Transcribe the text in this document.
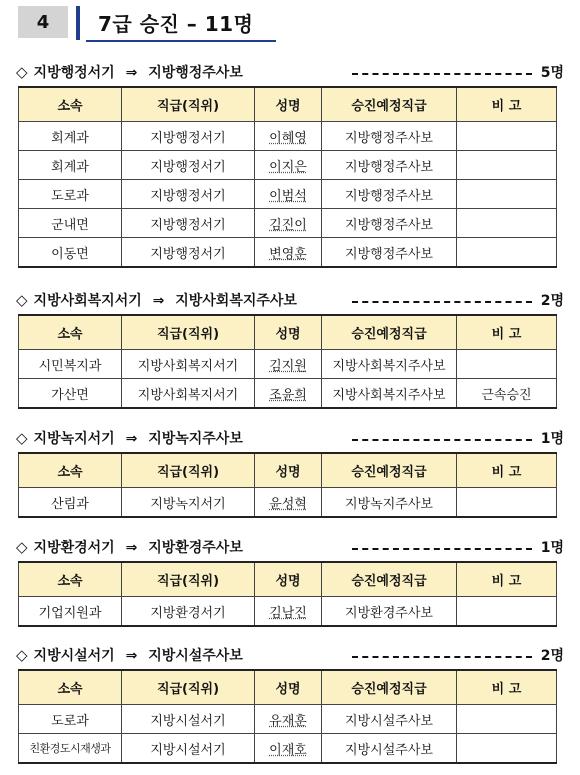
4	7급 승진 – 11명
◇ 지방행정서기 ⇒ 지방행정주사보	5명
소속	직급(직위)	성명	승진예정직급	비 고
회계과	지방행정서기	이혜영	지방행정주사보	
회계과	지방행정서기	이지은	지방행정주사보	
도로과	지방행정서기	이범석	지방행정주사보	
군내면	지방행정서기	김진이	지방행정주사보	
이동면	지방행정서기	변영훈	지방행정주사보	
◇ 지방사회복지서기 ⇒ 지방사회복지주사보	2명
소속	직급(직위)	성명	승진예정직급	비 고
시민복지과	지방사회복지서기	김지원	지방사회복지주사보	
가산면	지방사회복지서기	조윤희	지방사회복지주사보	근속승진
◇ 지방녹지서기 ⇒ 지방녹지주사보	1명
소속	직급(직위)	성명	승진예정직급	비 고
산림과	지방녹지서기	윤성혁	지방녹지주사보	
◇ 지방환경서기 ⇒ 지방환경주사보	1명
소속	직급(직위)	성명	승진예정직급	비 고
기업지원과	지방환경서기	김남진	지방환경주사보	
◇ 지방시설서기 ⇒ 지방시설주사보	2명
소속	직급(직위)	성명	승진예정직급	비 고
도로과	지방시설서기	유재훈	지방시설주사보	
친환경도시재생과	지방시설서기	이재호	지방시설주사보	
